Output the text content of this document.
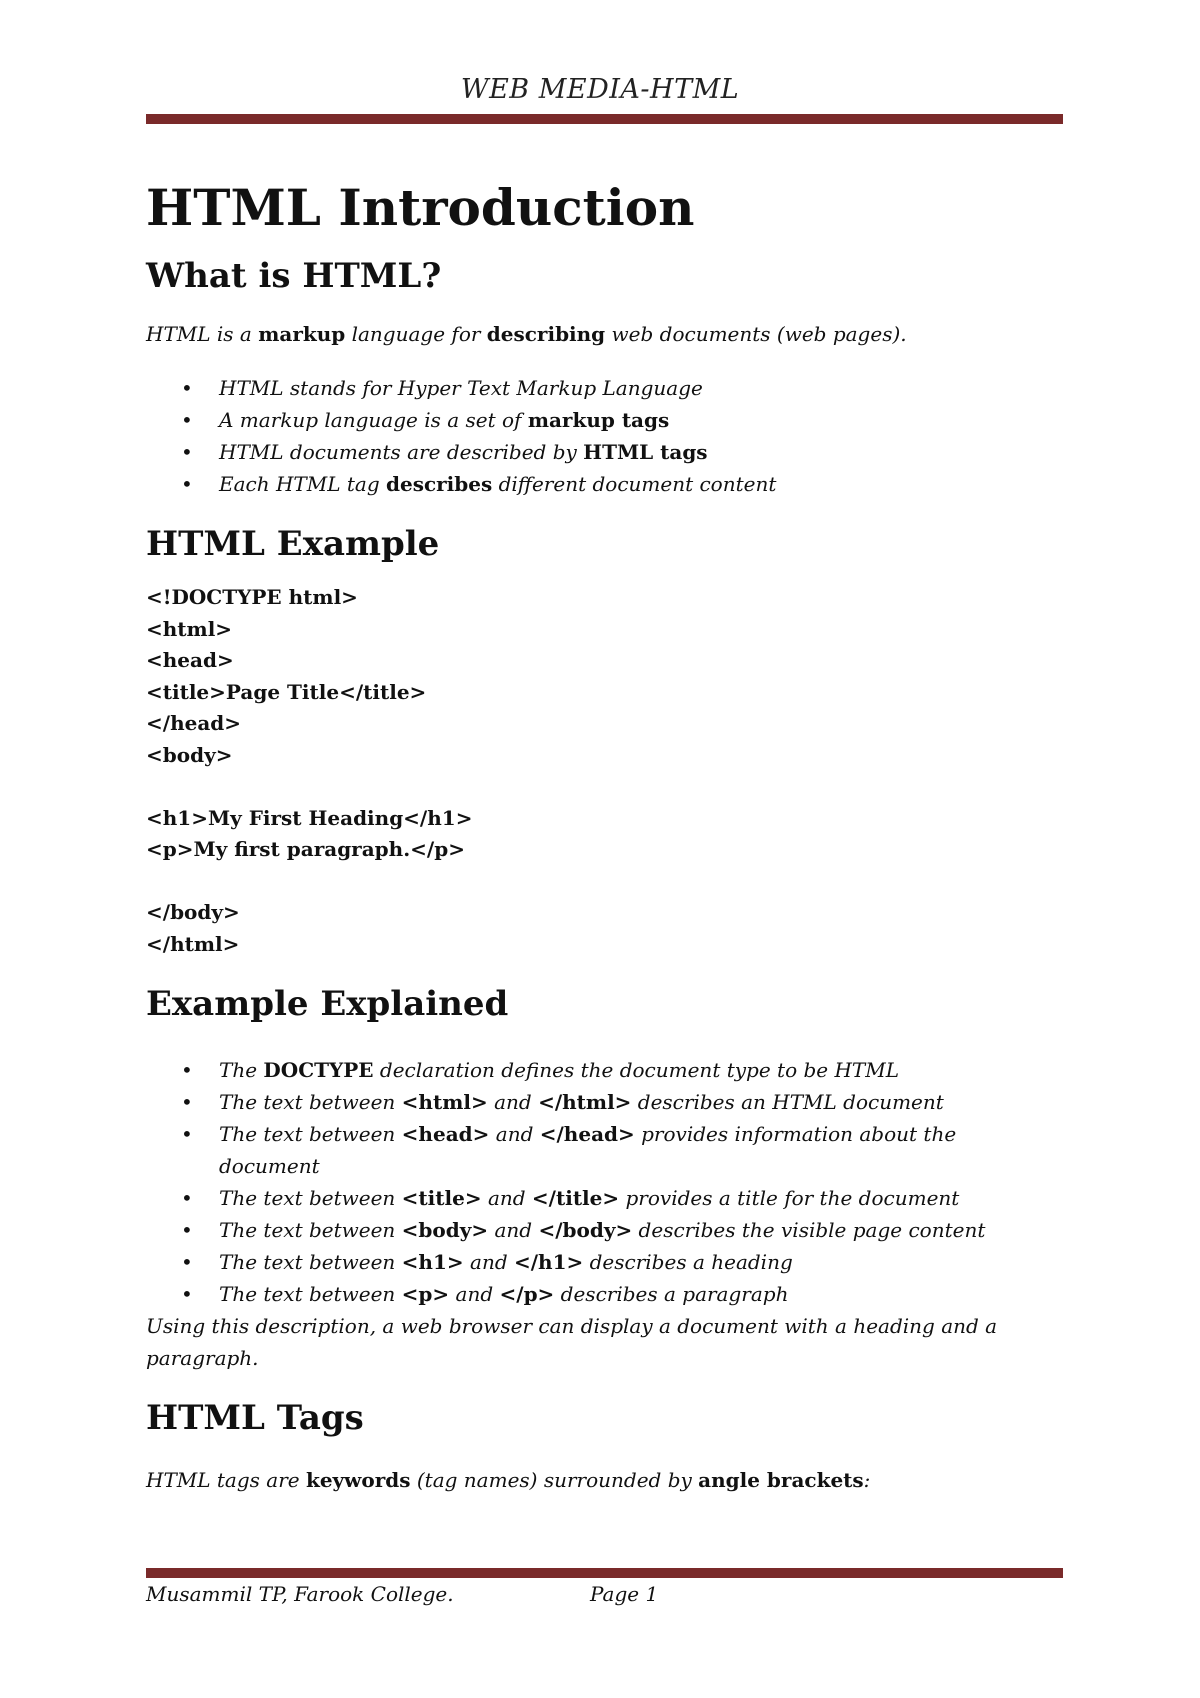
WEB MEDIA-HTML
HTML Introduction
What is HTML?

HTML is a markup language for describing web documents (web pages).

• HTML stands for Hyper Text Markup Language
• A markup language is a set of markup tags
• HTML documents are described by HTML tags
• Each HTML tag describes different document content
HTML Example
<!DOCTYPE html>
<html>
<head>
<title>Page Title</title>
</head>
<body>
<h1>My First Heading</h1>
<p>My first paragraph.</p>
</body>
</html>
Example Explained
• The DOCTYPE declaration defines the document type to be HTML
• The text between <html> and </html> describes an HTML document
• The text between <head> and </head> provides information about the document
• The text between <title> and </title> provides a title for the document
• The text between <body> and </body> describes the visible page content
• The text between <h1> and </h1> describes a heading
• The text between <p> and </p> describes a paragraph

Using this description, a web browser can display a document with a heading and a paragraph.

HTML Tags

HTML tags are keywords (tag names) surrounded by angle brackets:

Musammil TP, Farook College.	Page 1
